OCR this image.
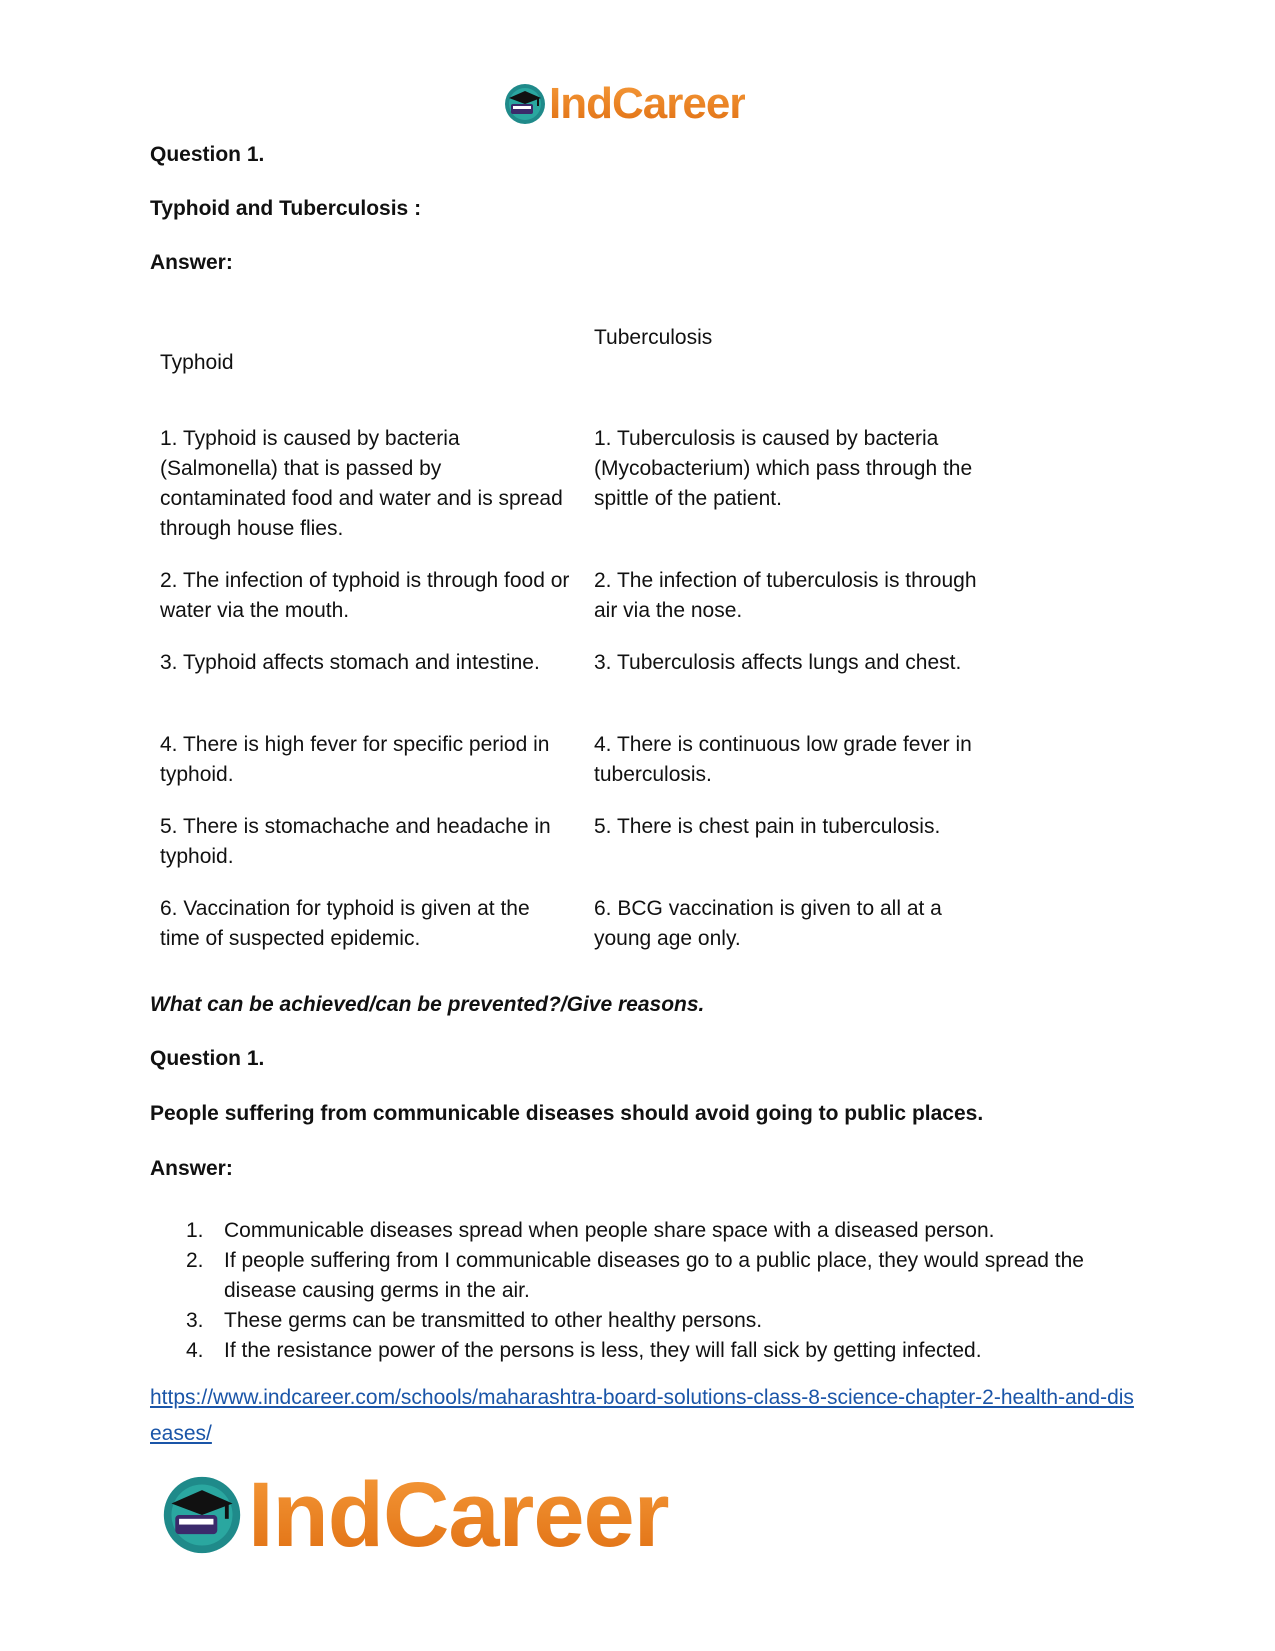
IndCareer

Question 1.

Typhoid and Tuberculosis :

Answer:

Typhoid

Tuberculosis

1. Typhoid is caused by bacteria (Salmonella) that is passed by contaminated food and water and is spread through house flies.

1. Tuberculosis is caused by bacteria (Mycobacterium) which pass through the spittle of the patient.

2. The infection of typhoid is through food or water via the mouth.

2. The infection of tuberculosis is through air via the nose.

3. Typhoid affects stomach and intestine.	3. Tuberculosis affects lungs and chest.

4. There is high fever for specific period in typhoid.

4. There is continuous low grade fever in tuberculosis.

5. There is stomachache and headache in typhoid.

5. There is chest pain in tuberculosis.

6. Vaccination for typhoid is given at the time of suspected epidemic.

6. BCG vaccination is given to all at a young age only.

What can be achieved/can be prevented?/Give reasons.

Question 1.

People suffering from communicable diseases should avoid going to public places.

Answer:

1. Communicable diseases spread when people share space with a diseased person.
2. If people suffering from I communicable diseases go to a public place, they would spread the disease causing germs in the air.
3. These germs can be transmitted to other healthy persons.
4. If the resistance power of the persons is less, they will fall sick by getting infected.
https://www.indcareer.com/schools/maharashtra-board-solutions-class-8-science-chapter-2-health-and-diseases/
IndCareer
